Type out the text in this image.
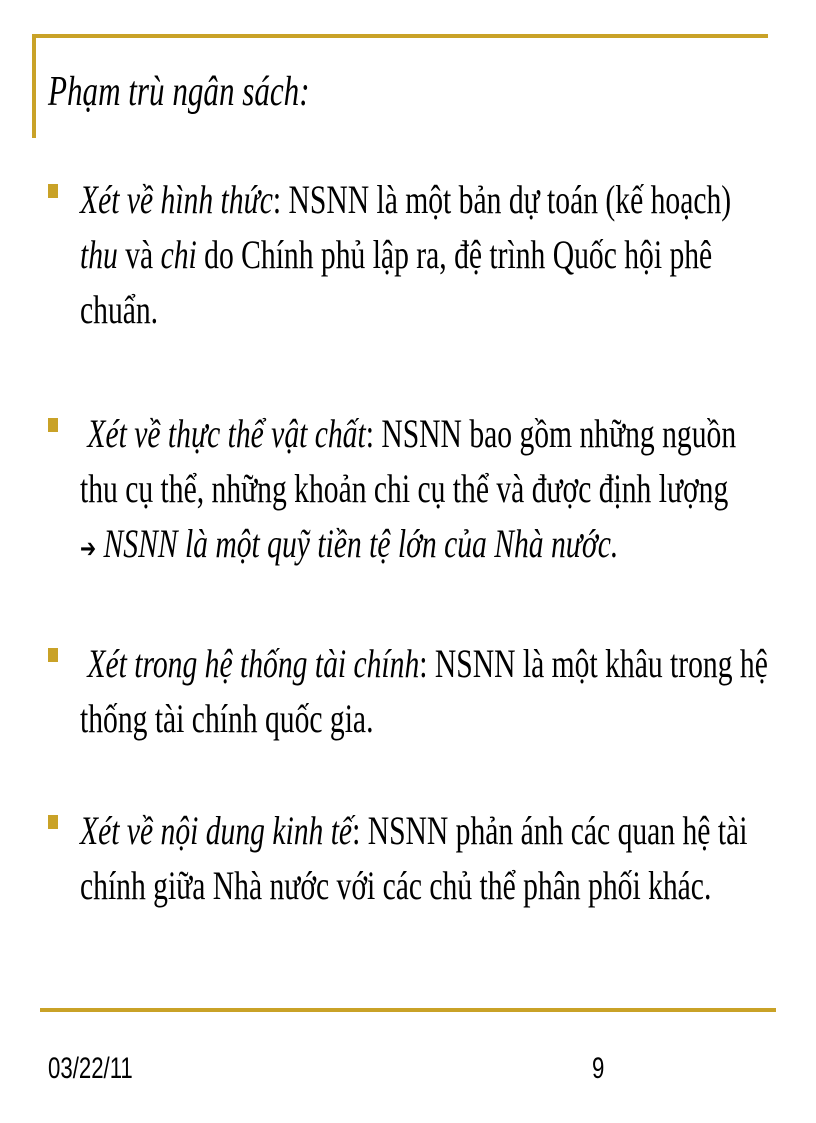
Phạm trù ngân sách:

Xét về hình thức: NSNN là một bản dự toán (kế hoạch) thu và chi do Chính phủ lập ra, đệ trình Quốc hội phê chuẩn.

Xét về thực thể vật chất: NSNN bao gồm những nguồn thu cụ thể, những khoản chi cụ thể và được định lượng
➔ NSNN là một quỹ tiền tệ lớn của Nhà nước.

Xét trong hệ thống tài chính: NSNN là một khâu trong hệ thống tài chính quốc gia.

Xét về nội dung kinh tế: NSNN phản ánh các quan hệ tài chính giữa Nhà nước với các chủ thể phân phối khác.

03/22/11	9
